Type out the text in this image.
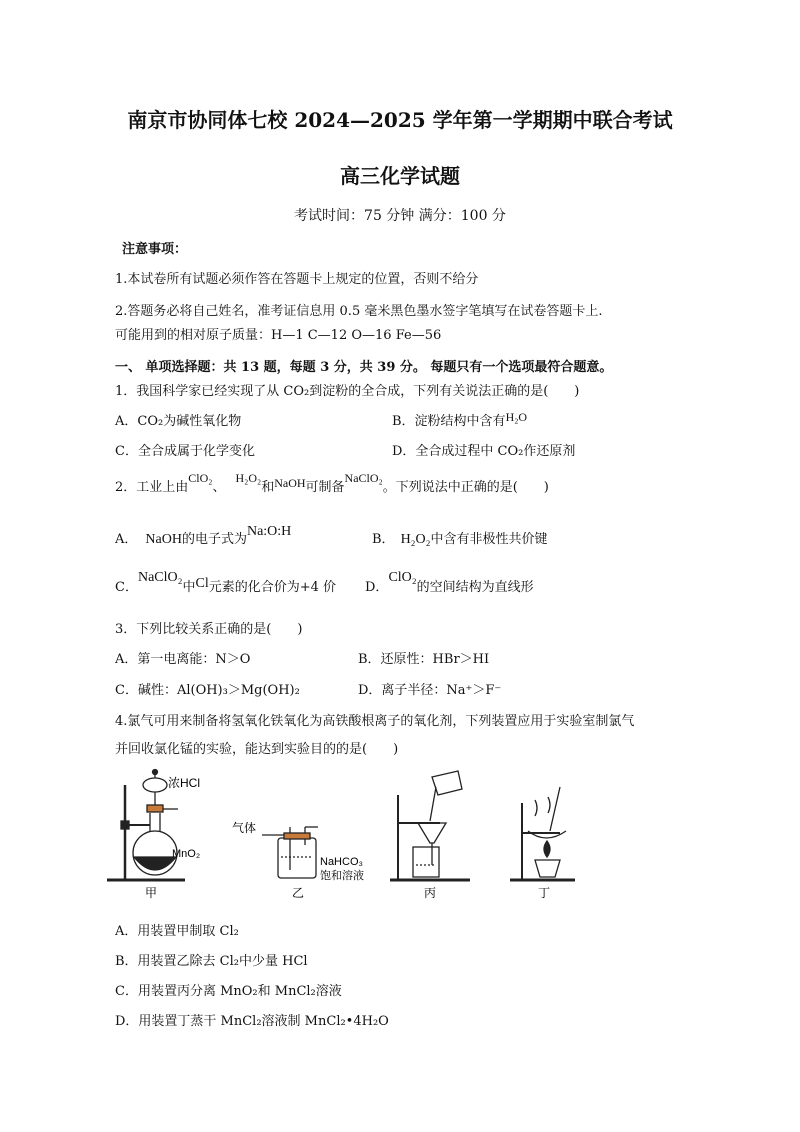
南京市协同体七校 2024—2025 学年第一学期期中联合考试
高三化学试题
考试时间：75 分钟 满分：100 分
注意事项：
1.本试卷所有试题必须作答在答题卡上规定的位置，否则不给分
2.答题务必将自己姓名，准考证信息用 0.5 毫米黑色墨水签字笔填写在试卷答题卡上.
可能用到的相对原子质量：H—1 C—12 O—16 Fe—56
一、 单项选择题：共 13 题，每题 3 分，共 39 分。 每题只有一个选项最符合题意。
1．我国科学家已经实现了从 CO₂到淀粉的全合成，下列有关说法正确的是(　　)
A．CO₂为碱性氧化物	B．淀粉结构中含有H₂O
C．全合成属于化学变化	D．全合成过程中 CO₂作还原剂
2．工业上由ClO₂、H₂O₂和NaOH可制备NaClO₂。下列说法中正确的是(　　)
A． NaOH的电子式为Na:O:H
B． H₂O₂中含有非极性共价键
C．NaClO₂中Cl元素的化合价为+4 价 D．ClO₂的空间结构为直线形
3．下列比较关系正确的是(　　)
A．第一电离能：N＞O	B．还原性：HBr＞HI
C．碱性：Al(OH)₃＞Mg(OH)₂	D．离子半径：Na⁺＞F⁻
4.氯气可用来制备将氢氧化铁氧化为高铁酸根离子的氧化剂，下列装置应用于实验室制氯气
并回收氯化锰的实验，能达到实验目的的是(　　)
浓HCl
MnO₂
气体
NaHCO₃
饱和溶液
甲	乙	丙	丁
A．用装置甲制取 Cl₂
B．用装置乙除去 Cl₂中少量 HCl
C．用装置丙分离 MnO₂和 MnCl₂溶液
D．用装置丁蒸干 MnCl₂溶液制 MnCl₂•4H₂O
